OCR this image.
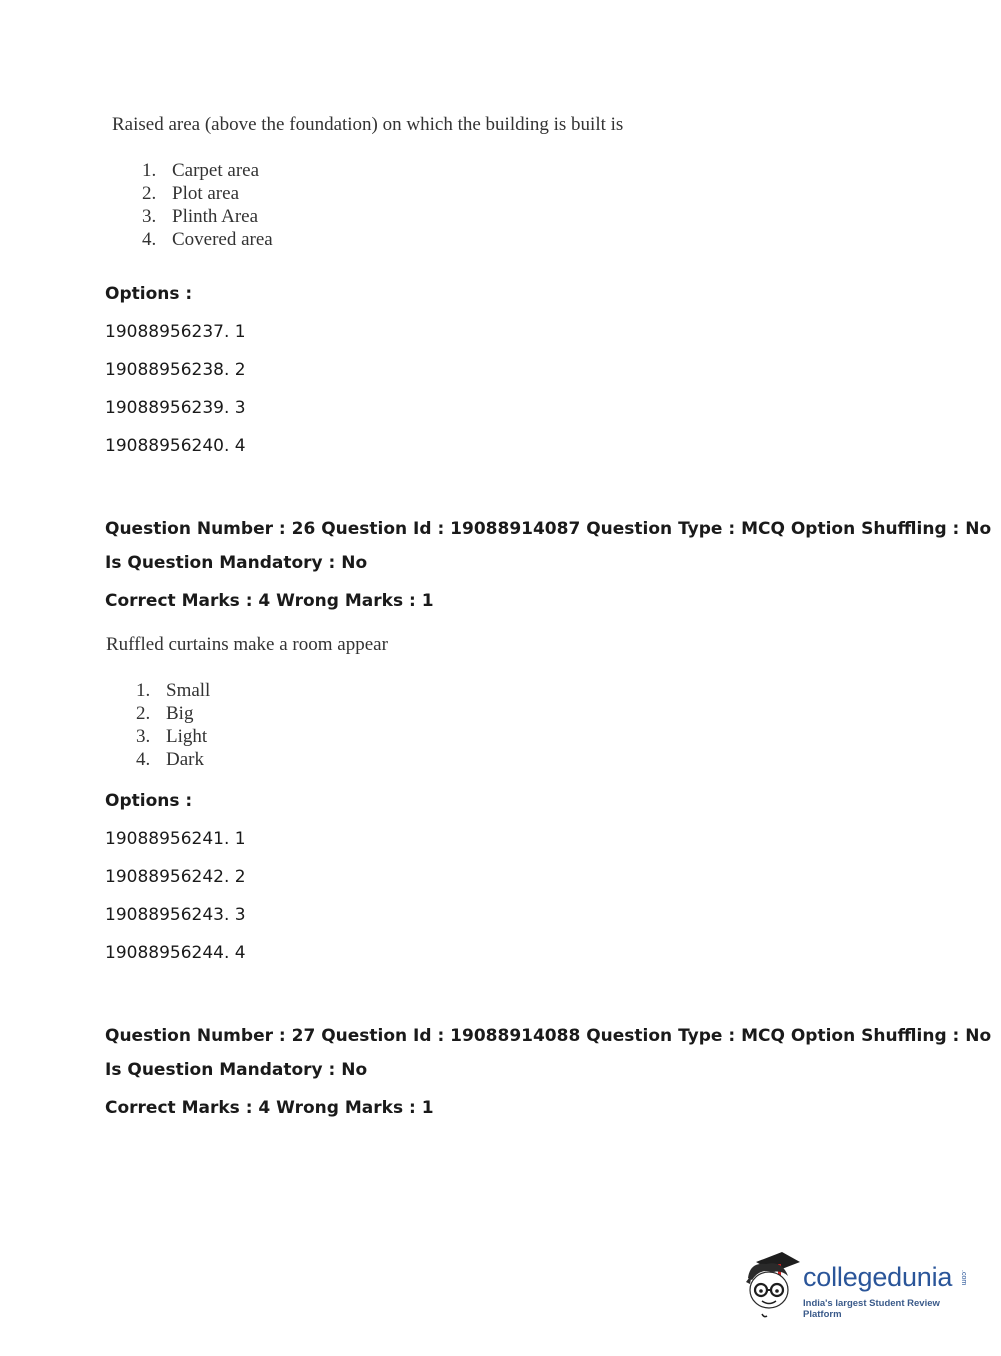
Raised area (above the foundation) on which the building is built is

1. Carpet area
2. Plot area
3. Plinth Area
4. Covered area

Options :

19088956237. 1

19088956238. 2

19088956239. 3

19088956240. 4

Question Number : 26 Question Id : 19088914087 Question Type : MCQ Option Shuffling : No

Is Question Mandatory : No

Correct Marks : 4 Wrong Marks : 1

Ruffled curtains make a room appear

1. Small
2. Big
3. Light
4. Dark

Options :

19088956241. 1

19088956242. 2

19088956243. 3

19088956244. 4

Question Number : 27 Question Id : 19088914088 Question Type : MCQ Option Shuffling : No

Is Question Mandatory : No

Correct Marks : 4 Wrong Marks : 1

collegedunia .com
India's largest Student Review Platform
